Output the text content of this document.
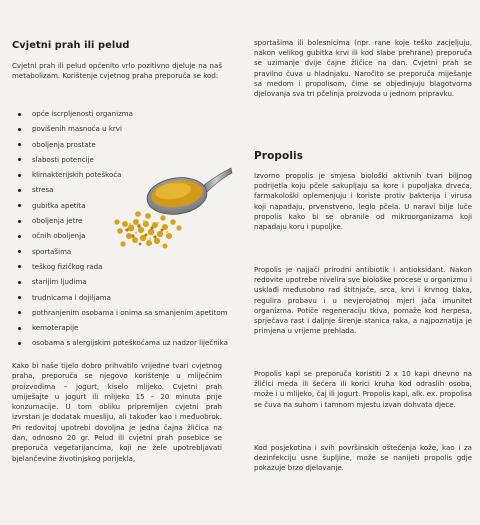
Cvjetni prah ili pelud

Cvjetni prah ili pelud općenito vrlo pozitivno djeluje na naš metabolizam. Korištenje cvjetnog praha preporuča se kod:

opće iscrpljenosti organizma
povišenih masnoća u krvi
oboljenja prostate
slabosti potencije
klimakterijskih poteškoća
stresa
gubitka apetita
oboljenja jetre
očnih oboljenja
sportašima
teškog fizičkog rada
starijim ljudima
trudnicama i dojiljama
pothranjenim osobama i onima sa smanjenim apetitom
kemoterapije
osobama s alergijskim poteškoćama uz nadzor liječnika

Kako bi naše tijelo dobro prihvatilo vrijedne tvari cvjetnog praha, preporuča se njegovo korištenje u mliječnim proizvodima – jogurt, kiselo mlijeko. Cvjetni prah umiješajte u jogurt ili mlijeko 15 – 20 minuta prije konzumacije. U tom obliku pripremljen cvjetni prah izvrstan je dodatak muesliju, ali također kao i međuobrok. Pri redovitoj upotrebi dovoljna je jedna čajna žličica na dan, odnosno 20 gr. Pelud ili cvjetni prah posebice se preporuča vegetarijancima, koji ne žele upotrebljavati bjelančevine životinjskog porijekla,

sportašima ili bolesnicima (npr. rane koje teško zacjeljuju, nakon velikog gubitka krvi ili kod slabe prehrane) preporuča se uzimanje dvije čajne žličice na dan. Cvjetni prah se pravilno čuva u hladnjaku. Naročito se preporuča miješanje sa medom i propolisom, čime se objedinjuju blagotvorna djelovanja sva tri pčelinja proizvoda u jednom pripravku.

Propolis

Izvorno propolis je smjesa biološki aktivnih tvari biljnog podrijetla koju pčele sakupljaju sa kore i pupoljaka drveća, farmakološki oplemenjuju i koriste protiv bakterija i virusa koji napadaju, prvenstveno, leglo pčela. U naravi bilje luče propolis kako bi se obranile od mikroorganizama koji napadaju koru i pupoljke.

Propolis je najjači prirodni antibiotik i antioksidant. Nakon redovite upotrebe nivelira sve biološke procese u organizmu i usklađi međusobno rad štitnjače, srca, krvi i krvnog tlaka, regulira probavu i u nevjerojatnoj mjeri jača imunitet organizma. Potiče regeneraciju tkiva, pomaže kod herpesa, sprječava rast i daljnje širenje stanica raka, a najpoznatija je primjena u vrijeme prehlada.

Propolis kapi se preporuča koristiti 2 x 10 kapi dnevno na žličici meda ili šećera ili korici kruha kod odraslih osoba, može i u mlijeko, čaj ili jogurt. Propolis kapi, alk. ex. propolisa se čuva na suhom i tamnom mjestu izvan dohvata djece.

Kod posjekotina i svih površinskih oštećenja kože, kao i za dezinfekciju usne šupljine, može se nanijeti propolis gdje pokazuje brzo djelovanje.
